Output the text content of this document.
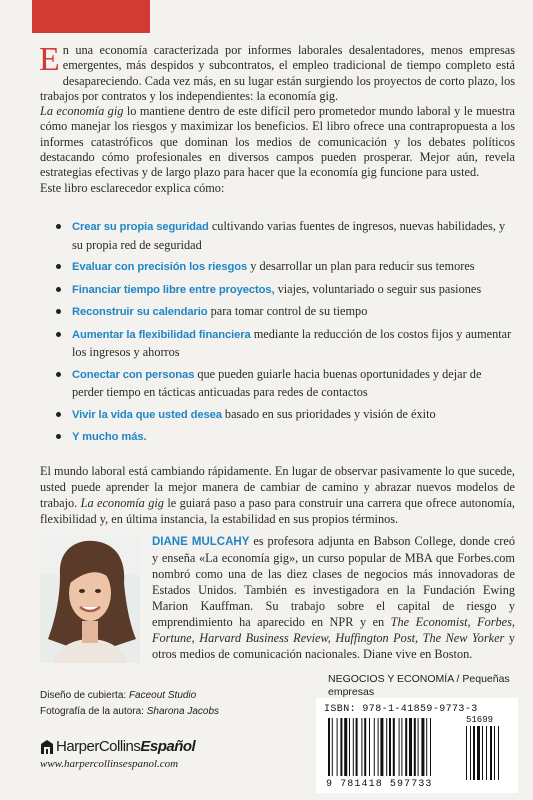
En una economía caracterizada por informes laborales desalentadores, menos empresas emergentes, más despidos y subcontratos, el empleo tradicional de tiempo completo está desapareciendo. Cada vez más, en su lugar están surgiendo los proyectos de corto plazo, los trabajos por contratos y los independientes: la economía gig.

La economía gig lo mantiene dentro de este difícil pero prometedor mundo laboral y le muestra cómo manejar los riesgos y maximizar los beneficios. El libro ofrece una contrapropuesta a los informes catastróficos que dominan los medios de comunicación y los debates políticos destacando cómo profesionales en diversos campos pueden prosperar. Mejor aún, revela estrategias efectivas y de largo plazo para hacer que la economía gig funcione para usted.

Este libro esclarecedor explica cómo:

Crear su propia seguridad cultivando varias fuentes de ingresos, nuevas habilidades, y su propia red de seguridad
Evaluar con precisión los riesgos y desarrollar un plan para reducir sus temores
Financiar tiempo libre entre proyectos, viajes, voluntariado o seguir sus pasiones
Reconstruir su calendario para tomar control de su tiempo
Aumentar la flexibilidad financiera mediante la reducción de los costos fijos y aumentar los ingresos y ahorros
Conectar con personas que pueden guiarle hacia buenas oportunidades y dejar de perder tiempo en tácticas anticuadas para redes de contactos
Vivir la vida que usted desea basado en sus prioridades y visión de éxito
Y mucho más.

El mundo laboral está cambiando rápidamente. En lugar de observar pasivamente lo que sucede, usted puede aprender la mejor manera de cambiar de camino y abrazar nuevos modelos de trabajo. La economía gig le guiará paso a paso para construir una carrera que ofrece autonomía, flexibilidad y, en última instancia, la estabilidad en sus propios términos.

DIANE MULCAHY es profesora adjunta en Babson College, donde creó y enseña «La economía gig», un curso popular de MBA que Forbes.com nombró como una de las diez clases de negocios más innovadoras de Estados Unidos. También es investigadora en la Fundación Ewing Marion Kauffman. Su trabajo sobre el capital de riesgo y emprendimiento ha aparecido en NPR y en The Economist, Forbes, Fortune, Harvard Business Review, Huffington Post, The New Yorker y otros medios de comunicación nacionales. Diane vive en Boston.

NEGOCIOS Y ECONOMÍA / Pequeñas empresas
Diseño de cubierta: Faceout Studio
Fotografía de la autora: Sharona Jacobs
HarperCollins Español
www.harpercollinsespanol.com
ISBN: 978-1-41859-9773-3
51699
9 781418 597733
